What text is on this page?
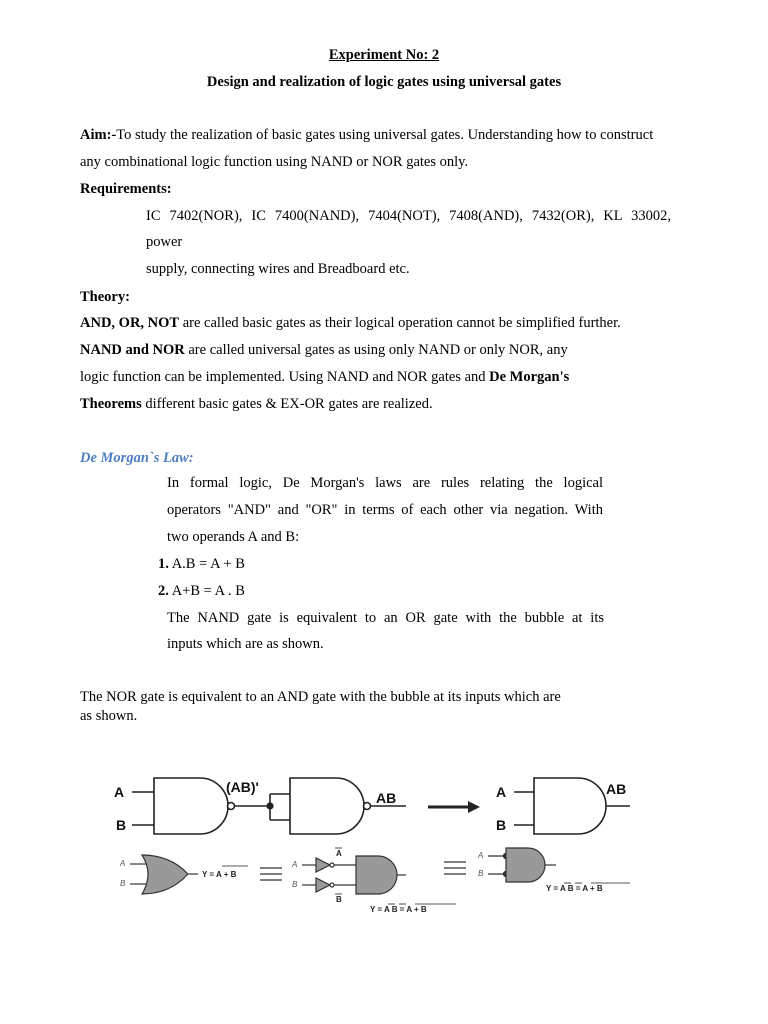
Experiment No: 2
Design and realization of logic gates using universal gates
Aim:-To study the realization of basic gates using universal gates. Understanding how to construct
any combinational logic function using NAND or NOR gates only.
Requirements:
IC 7402(NOR), IC 7400(NAND), 7404(NOT), 7408(AND), 7432(OR), KL 33002,
power
supply, connecting wires and Breadboard etc.
Theory:
AND, OR, NOT are called basic gates as their logical operation cannot be simplified further.
NAND and NOR are called universal gates as using only NAND or only NOR, any
logic function can be implemented. Using NAND and NOR gates and De Morgan's
Theorems different basic gates & EX-OR gates are realized.
De Morgan`s Law:
In formal logic, De Morgan's laws are rules relating the logical
operators "AND" and "OR" in terms of each other via negation. With
two operands A and B:
1. A.B = A + B
2. A+B = A . B
The NAND gate is equivalent to an OR gate with the bubble at its
inputs which are as shown.
The NOR gate is equivalent to an AND gate with the bubble at its inputs which are
as shown.
A
B
(AB)'
AB	A
B
AB
A
B
A
B
A
B
Y = A + B
A
B
Y = A B = A + B
Y = A B = A + B
